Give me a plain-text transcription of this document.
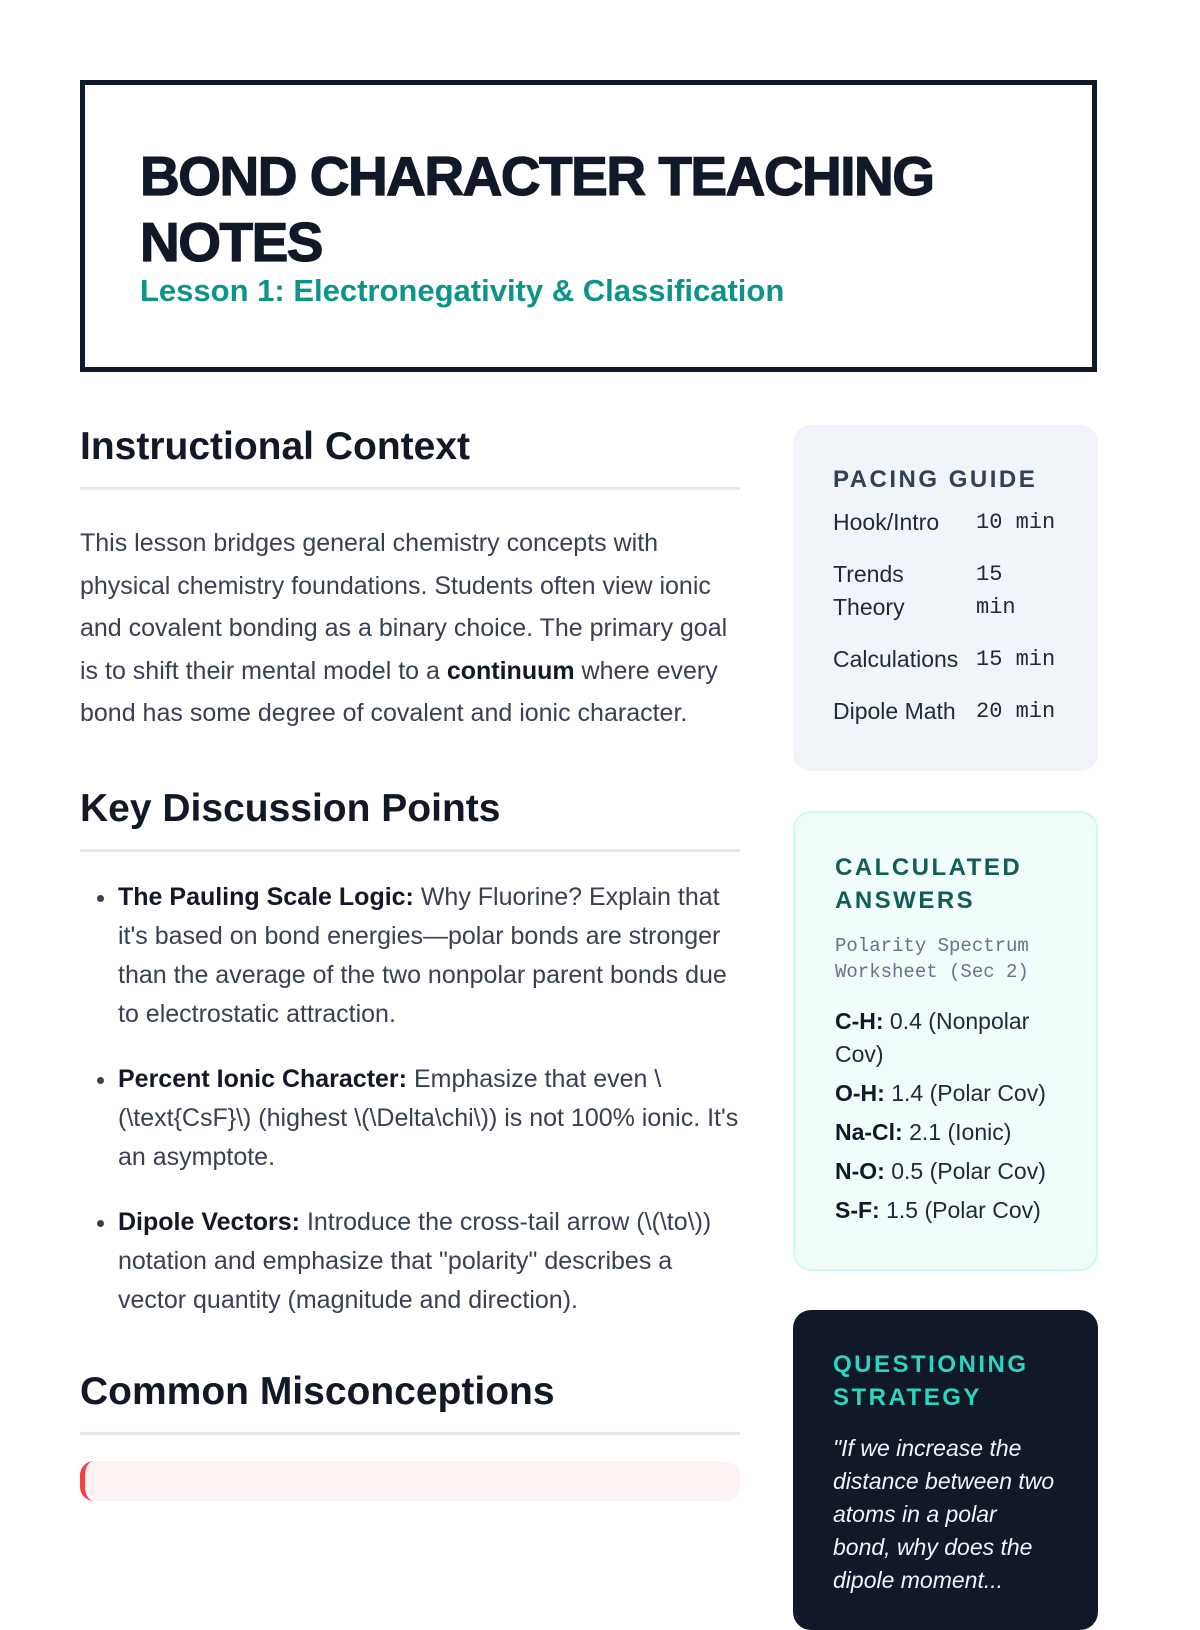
BOND CHARACTER TEACHING NOTES

Lesson 1: Electronegativity & Classification

Instructional Context

This lesson bridges general chemistry concepts with physical chemistry foundations. Students often view ionic and covalent bonding as a binary choice. The primary goal is to shift their mental model to a continuum where every bond has some degree of covalent and ionic character.

Key Discussion Points
• The Pauling Scale Logic: Why Fluorine? Explain that it's based on bond energies—polar bonds are stronger than the average of the two nonpolar parent bonds due to electrostatic attraction.
• Percent Ionic Character: Emphasize that even \(\text{CsF}\) (highest \(\Delta\chi\)) is not 100% ionic. It's an asymptote.
• Dipole Vectors: Introduce the cross-tail arrow (\(\to\)) notation and emphasize that "polarity" describes a vector quantity (magnitude and direction).
Common Misconceptions
PACING GUIDE
Hook/Intro	10 min
Trends Theory
15 min
Calculations 15 min
Dipole Math 20 min
CALCULATED ANSWERS
Polarity Spectrum Worksheet (Sec 2)
C-H: 0.4 (Nonpolar Cov)
O-H: 1.4 (Polar Cov)
Na-Cl: 2.1 (Ionic)
N-O: 0.5 (Polar Cov)
S-F: 1.5 (Polar Cov)
QUESTIONING STRATEGY
"If we increase the distance between two atoms in a polar bond, why does the dipole moment...
